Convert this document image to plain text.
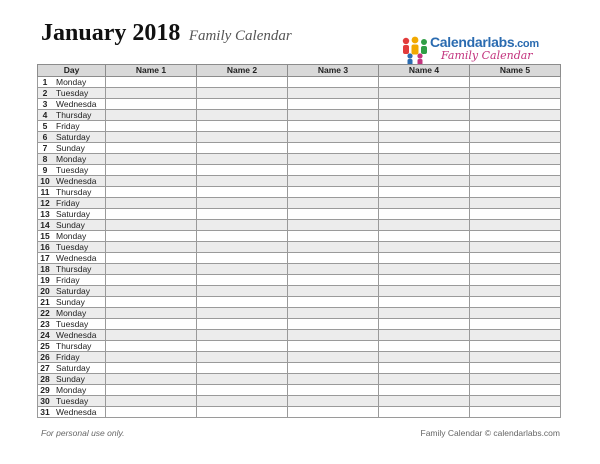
January 2018 Family Calendar	Calendarlabs.com
Family Calendar
Day	Name 1	Name 2	Name 3	Name 4	Name 5
1 Monday					
2 Tuesday					
3 Wednesda					
4 Thursday					
5 Friday					
6 Saturday					
7 Sunday					
8 Monday					
9 Tuesday					
10 Wednesda					
11 Thursday					
12 Friday					
13 Saturday					
14 Sunday					
15 Monday					
16 Tuesday					
17 Wednesda					
18 Thursday					
19 Friday					
20 Saturday					
21 Sunday					
22 Monday					
23 Tuesday					
24 Wednesda					
25 Thursday					
26 Friday					
27 Saturday					
28 Sunday					
29 Monday					
30 Tuesday					
31 Wednesda					
For personal use only.	Family Calendar © calendarlabs.com
